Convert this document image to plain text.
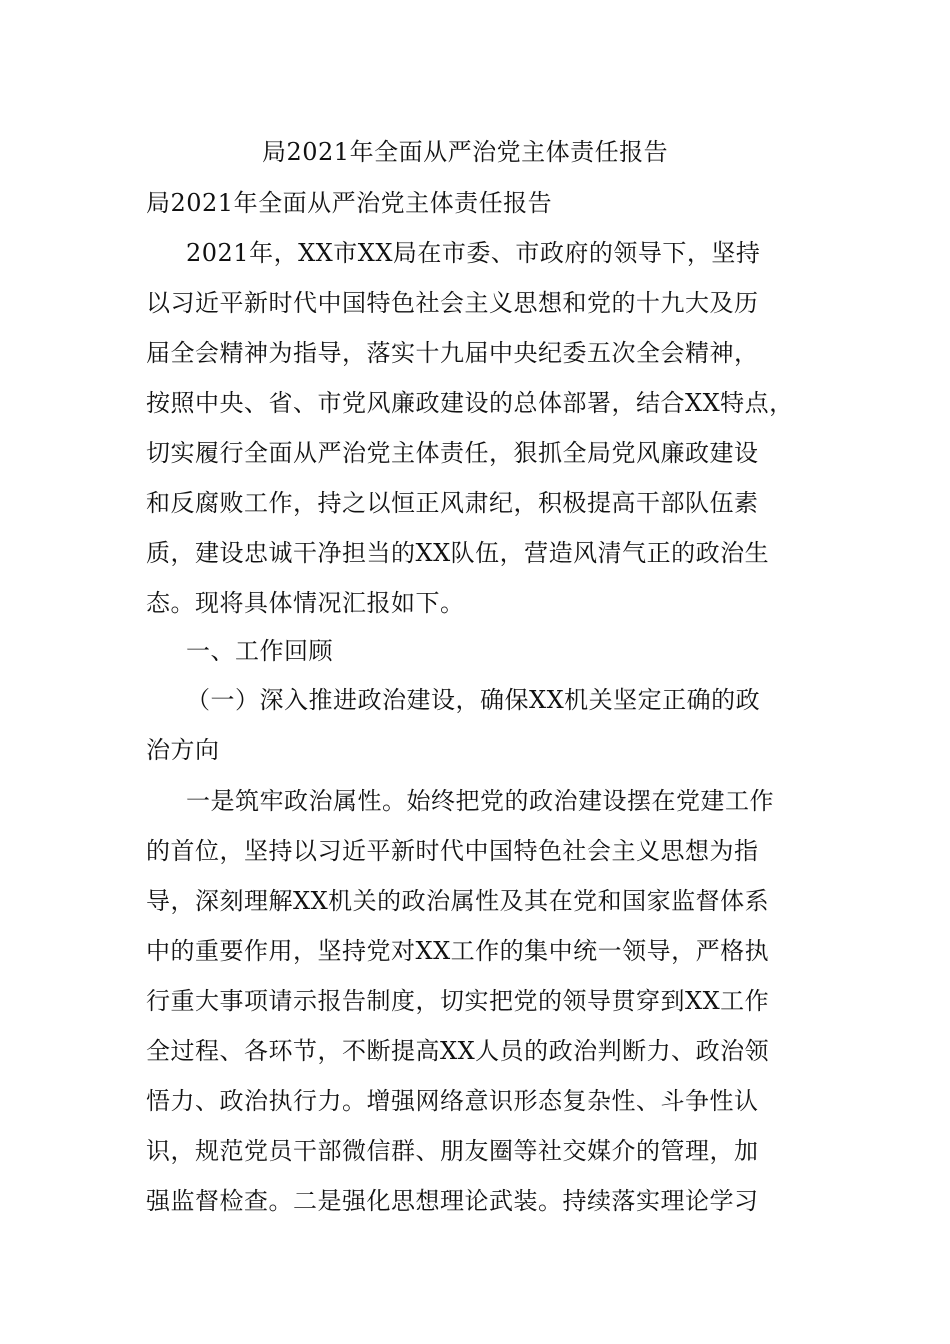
局2021年全面从严治党主体责任报告
局2021年全面从严治党主体责任报告
2021年，XX市XX局在市委、市政府的领导下，坚持
以习近平新时代中国特色社会主义思想和党的十九大及历
届全会精神为指导，落实十九届中央纪委五次全会精神，
按照中央、省、市党风廉政建设的总体部署，结合XX特点，
切实履行全面从严治党主体责任，狠抓全局党风廉政建设
和反腐败工作，持之以恒正风肃纪，积极提高干部队伍素
质，建设忠诚干净担当的XX队伍，营造风清气正的政治生
态。现将具体情况汇报如下。
一、工作回顾
（一）深入推进政治建设，确保XX机关坚定正确的政
治方向
一是筑牢政治属性。始终把党的政治建设摆在党建工作
的首位，坚持以习近平新时代中国特色社会主义思想为指
导，深刻理解XX机关的政治属性及其在党和国家监督体系
中的重要作用，坚持党对XX工作的集中统一领导，严格执
行重大事项请示报告制度，切实把党的领导贯穿到XX工作
全过程、各环节，不断提高XX人员的政治判断力、政治领
悟力、政治执行力。增强网络意识形态复杂性、斗争性认
识，规范党员干部微信群、朋友圈等社交媒介的管理，加
强监督检查。二是强化思想理论武装。持续落实理论学习
